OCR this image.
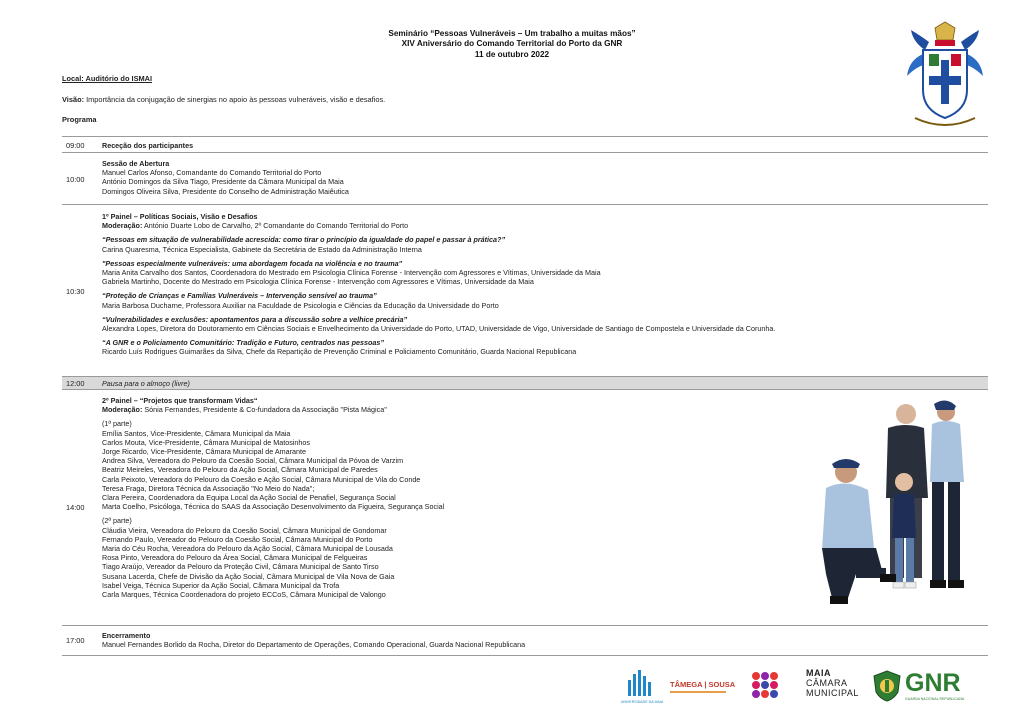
Seminário “Pessoas Vulneráveis – Um trabalho a muitas mãos”
XIV Aniversário do Comando Territorial do Porto da GNR
11 de outubro 2022
Local: Auditório do ISMAI
Visão: Importância da conjugação de sinergias no apoio às pessoas vulneráveis, visão e desafios.
Programa
09:00 Receção dos participantes
10:00
Sessão de Abertura
Manuel Carlos Afonso, Comandante do Comando Territorial do Porto
António Domingos da Silva Tiago, Presidente da Câmara Municipal da Maia
Domingos Oliveira Silva, Presidente do Conselho de Administração Maiêutica
10:30
1º Painel – Políticas Sociais, Visão e Desafios
Moderação: António Duarte Lobo de Carvalho, 2º Comandante do Comando Territorial do Porto
“Pessoas em situação de vulnerabilidade acrescida: como tirar o princípio da igualdade do papel e passar à prática?”
Carina Quaresma, Técnica Especialista, Gabinete da Secretária de Estado da Administração Interna
"Pessoas especialmente vulneráveis: uma abordagem focada na violência e no trauma"
Maria Anita Carvalho dos Santos, Coordenadora do Mestrado em Psicologia Clínica Forense - Intervenção com Agressores e Vítimas, Universidade da Maia
Gabriela Martinho, Docente do Mestrado em Psicologia Clínica Forense - Intervenção com Agressores e Vítimas, Universidade da Maia
“Proteção de Crianças e Famílias Vulneráveis – Intervenção sensível ao trauma”
Maria Barbosa Ducharne, Professora Auxiliar na Faculdade de Psicologia e Ciências da Educação da Universidade do Porto
“Vulnerabilidades e exclusões: apontamentos para a discussão sobre a velhice precária”
Alexandra Lopes, Diretora do Doutoramento em Ciências Sociais e Envelhecimento da Universidade do Porto, UTAD, Universidade de Vigo, Universidade de Santiago de Compostela e Universidade da Corunha.
“A GNR e o Policiamento Comunitário: Tradição e Futuro, centrados nas pessoas”
Ricardo Luís Rodrigues Guimarães da Silva, Chefe da Repartição de Prevenção Criminal e Policiamento Comunitário, Guarda Nacional Republicana
12:00 Pausa para o almoço (livre)
14:00
2º Painel – “Projetos que transformam Vidas“
Moderação: Sónia Fernandes, Presidente & Co-fundadora da Associação "Pista Mágica"
(1ª parte)
Emília Santos, Vice-Presidente, Câmara Municipal da Maia
Carlos Mouta, Vice-Presidente, Câmara Municipal de Matosinhos
Jorge Ricardo, Vice-Presidente, Câmara Municipal de Amarante
Andrea Silva, Vereadora do Pelouro da Coesão Social, Câmara Municipal da Póvoa de Varzim
Beatriz Meireles, Vereadora do Pelouro da Ação Social, Câmara Municipal de Paredes
Carla Peixoto, Vereadora do Pelouro da Coesão e Ação Social, Câmara Municipal de Vila do Conde
Teresa Fraga, Diretora Técnica da Associação "No Meio do Nada";
Clara Pereira, Coordenadora da Equipa Local da Ação Social de Penafiel, Segurança Social
Marta Coelho, Psicóloga, Técnica do SAAS da Associação Desenvolvimento da Figueira, Segurança Social
(2ª parte)
Cláudia Vieira, Vereadora do Pelouro da Coesão Social, Câmara Municipal de Gondomar
Fernando Paulo, Vereador do Pelouro da Coesão Social, Câmara Municipal do Porto
Maria do Céu Rocha, Vereadora do Pelouro da Ação Social, Câmara Municipal de Lousada
Rosa Pinto, Vereadora do Pelouro da Área Social, Câmara Municipal de Felgueiras
Tiago Araújo, Vereador da Pelouro da Proteção Civil, Câmara Municipal de Santo Tirso
Susana Lacerda, Chefe de Divisão da Ação Social, Câmara Municipal de Vila Nova de Gaia
Isabel Veiga, Técnica Superior da Ação Social, Câmara Municipal da Trofa
Carla Marques, Técnica Coordenadora do projeto ECCoS, Câmara Municipal de Valongo
17:00
Encerramento
Manuel Fernandes Borlido da Rocha, Diretor do Departamento de Operações, Comando Operacional, Guarda Nacional Republicana
UNIVERSIDADE DA MAIA
TÂMEGA | SOUSA
MAIA
CÂMARA
MUNICIPAL GNR
GUARDA NACIONAL REPUBLICANA
